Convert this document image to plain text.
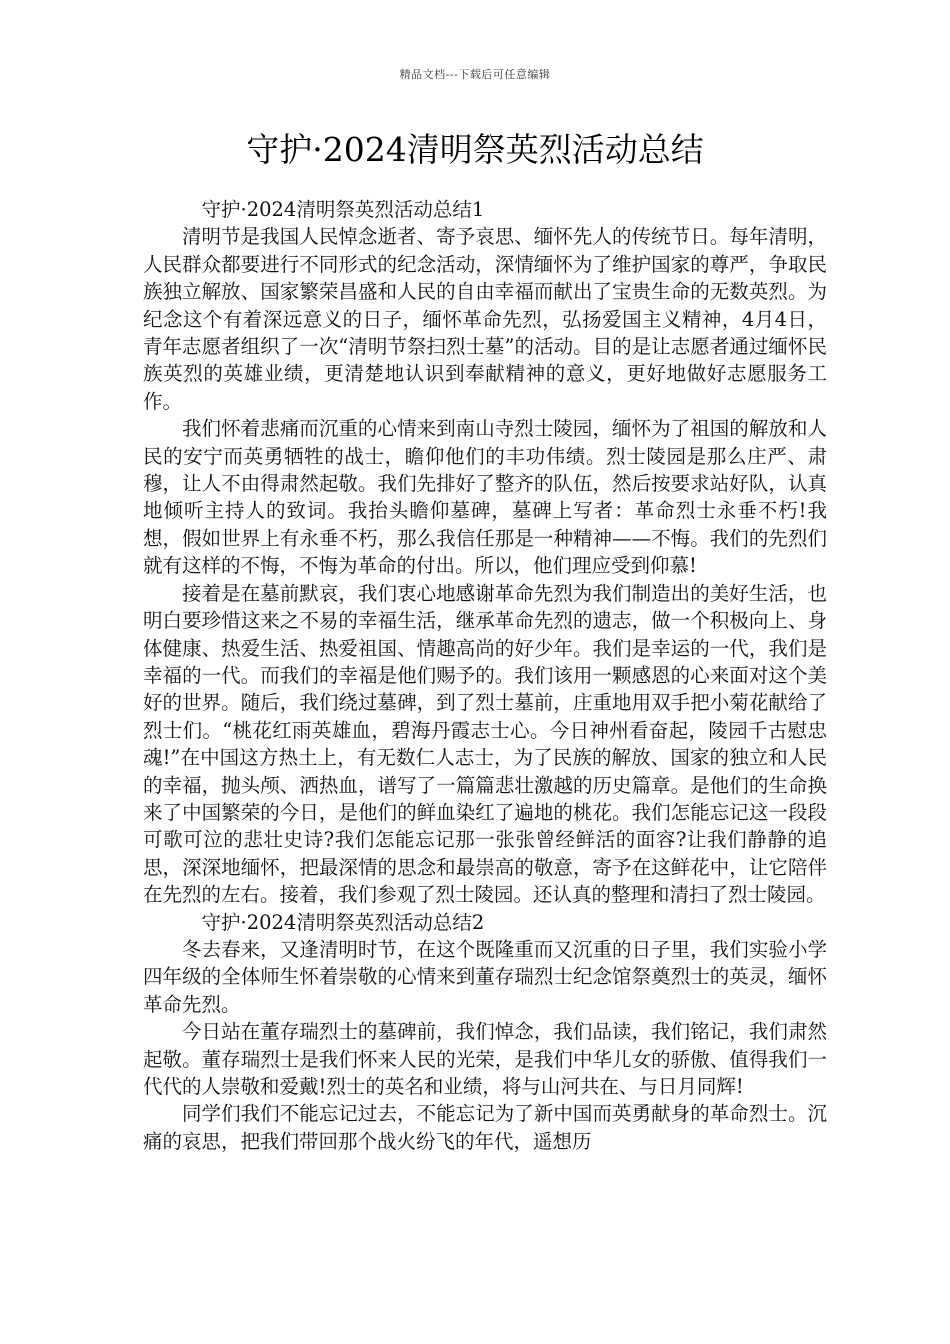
精品文档---下载后可任意编辑
守护·2024清明祭英烈活动总结
守护·2024清明祭英烈活动总结1

清明节是我国人民悼念逝者、寄予哀思、缅怀先人的传统节日。每年清明，人民群众都要进行不同形式的纪念活动，深情缅怀为了维护国家的尊严，争取民族独立解放、国家繁荣昌盛和人民的自由幸福而献出了宝贵生命的无数英烈。为纪念这个有着深远意义的日子，缅怀革命先烈，弘扬爱国主义精神，4月4日，青年志愿者组织了一次“清明节祭扫烈士墓”的活动。目的是让志愿者通过缅怀民族英烈的英雄业绩，更清楚地认识到奉献精神的意义，更好地做好志愿服务工作。

我们怀着悲痛而沉重的心情来到南山寺烈士陵园，缅怀为了祖国的解放和人民的安宁而英勇牺牲的战士，瞻仰他们的丰功伟绩。烈士陵园是那么庄严、肃穆，让人不由得肃然起敬。我们先排好了整齐的队伍，然后按要求站好队，认真地倾听主持人的致词。我抬头瞻仰墓碑，墓碑上写者：革命烈士永垂不朽!我想，假如世界上有永垂不朽，那么我信任那是一种精神——不悔。我们的先烈们就有这样的不悔，不悔为革命的付出。所以，他们理应受到仰慕!

接着是在墓前默哀，我们衷心地感谢革命先烈为我们制造出的美好生活，也明白要珍惜这来之不易的幸福生活，继承革命先烈的遗志，做一个积极向上、身体健康、热爱生活、热爱祖国、情趣高尚的好少年。我们是幸运的一代，我们是幸福的一代。而我们的幸福是他们赐予的。我们该用一颗感恩的心来面对这个美好的世界。随后，我们绕过墓碑，到了烈士墓前，庄重地用双手把小菊花献给了烈士们。“桃花红雨英雄血，碧海丹霞志士心。今日神州看奋起，陵园千古慰忠魂!”在中国这方热土上，有无数仁人志士，为了民族的解放、国家的独立和人民的幸福，抛头颅、洒热血，谱写了一篇篇悲壮激越的历史篇章。是他们的生命换来了中国繁荣的今日，是他们的鲜血染红了遍地的桃花。我们怎能忘记这一段段可歌可泣的悲壮史诗?我们怎能忘记那一张张曾经鲜活的面容?让我们静静的追思，深深地缅怀，把最深情的思念和最崇高的敬意，寄予在这鲜花中，让它陪伴在先烈的左右。接着，我们参观了烈士陵园。还认真的整理和清扫了烈士陵园。

守护·2024清明祭英烈活动总结2

冬去春来，又逢清明时节，在这个既隆重而又沉重的日子里，我们实验小学四年级的全体师生怀着崇敬的心情来到董存瑞烈士纪念馆祭奠烈士的英灵，缅怀革命先烈。

今日站在董存瑞烈士的墓碑前，我们悼念，我们品读，我们铭记，我们肃然起敬。董存瑞烈士是我们怀来人民的光荣，是我们中华儿女的骄傲、值得我们一代代的人崇敬和爱戴!烈士的英名和业绩，将与山河共在、与日月同辉!

同学们我们不能忘记过去，不能忘记为了新中国而英勇献身的革命烈士。沉痛的哀思，把我们带回那个战火纷飞的年代，遥想历
